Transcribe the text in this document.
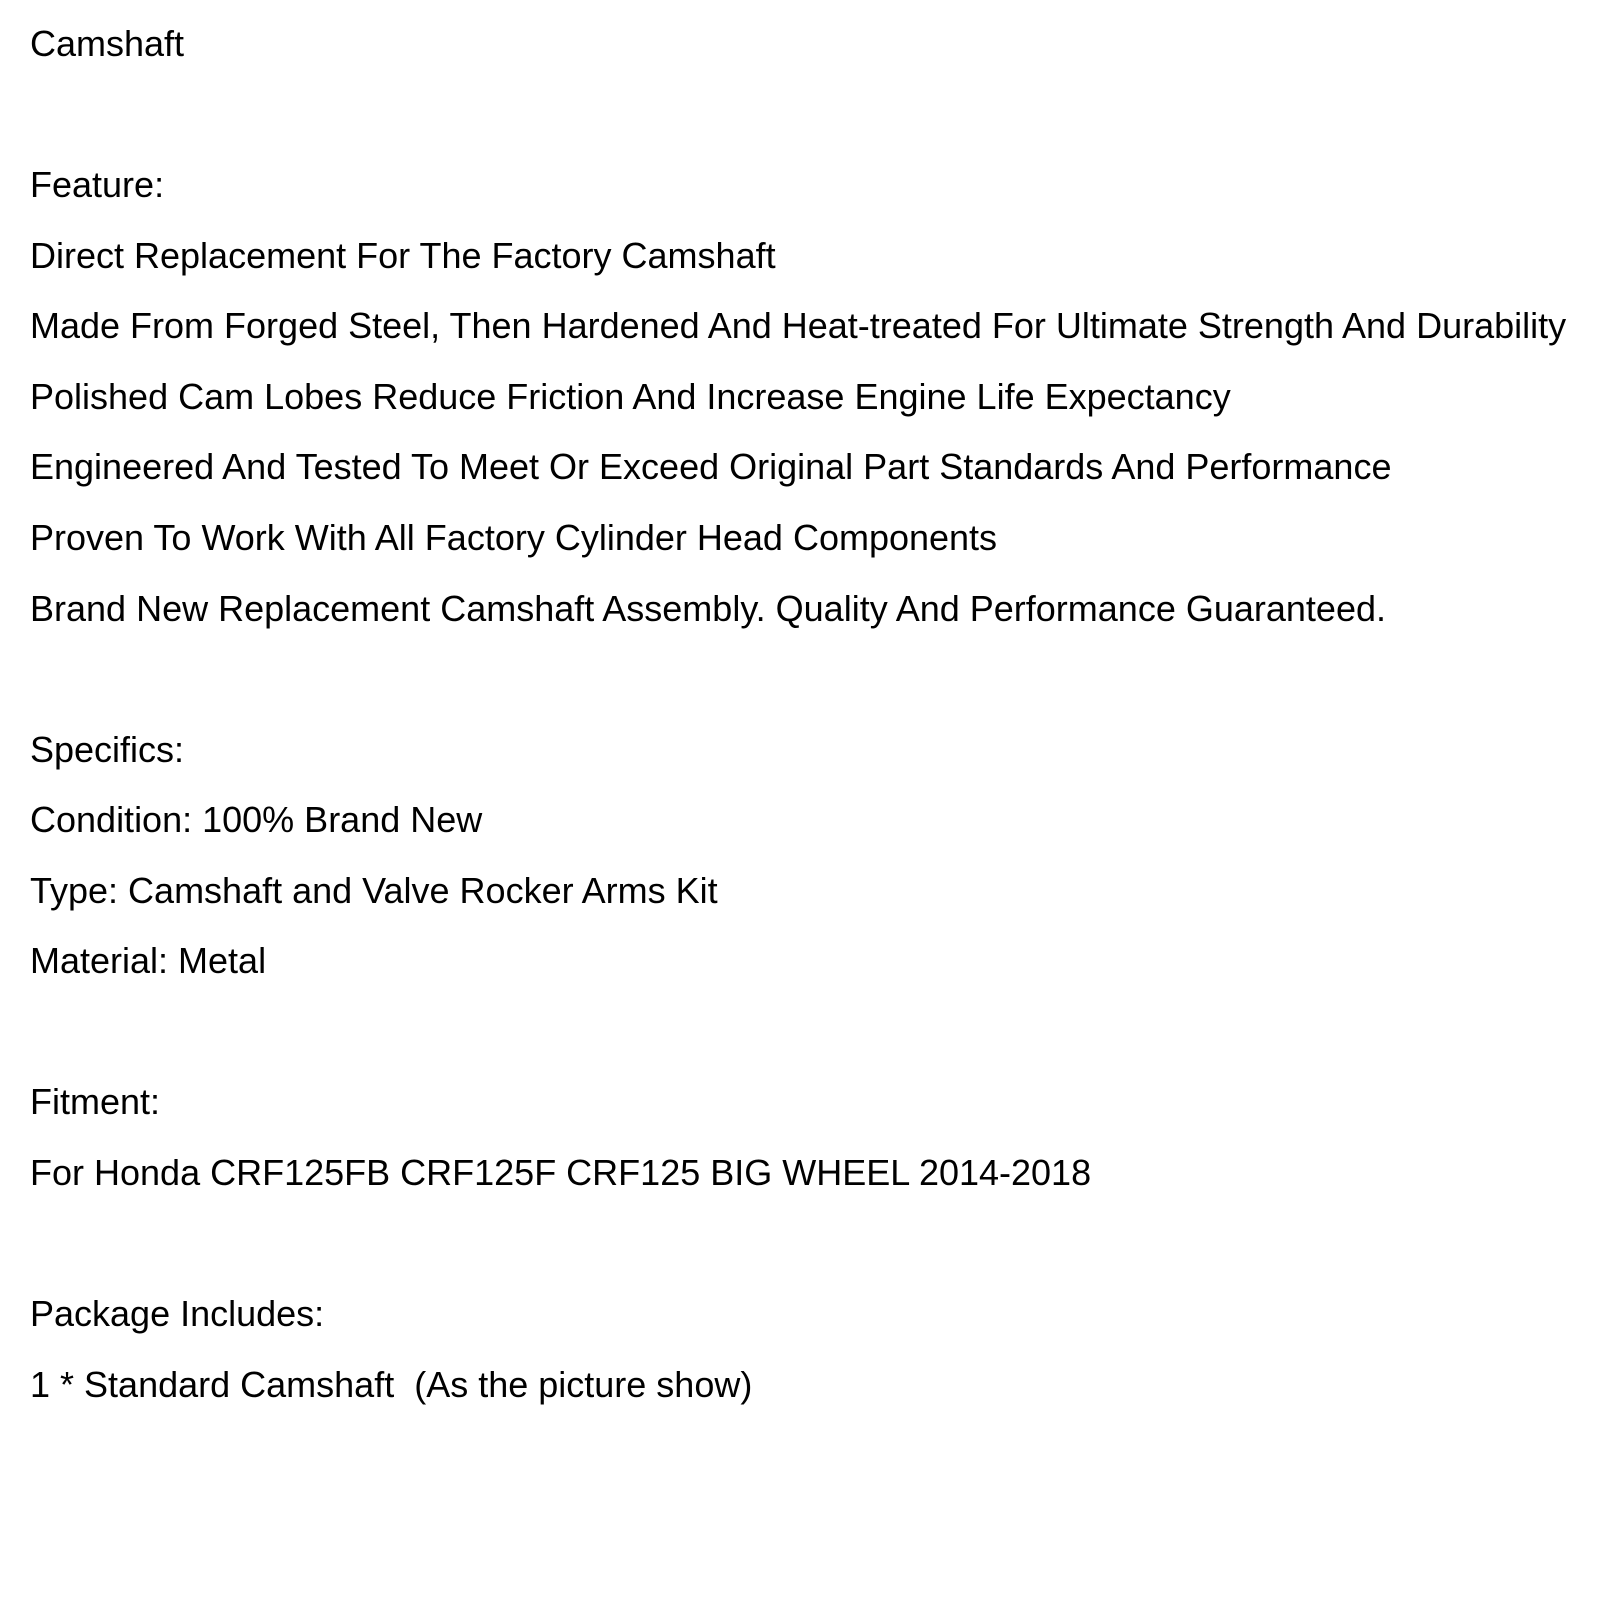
Camshaft
Feature:
Direct Replacement For The Factory Camshaft
Made From Forged Steel, Then Hardened And Heat-treated For Ultimate Strength And Durability
Polished Cam Lobes Reduce Friction And Increase Engine Life Expectancy
Engineered And Tested To Meet Or Exceed Original Part Standards And Performance
Proven To Work With All Factory Cylinder Head Components
Brand New Replacement Camshaft Assembly. Quality And Performance Guaranteed.
Specifics:
Condition: 100% Brand New
Type: Camshaft and Valve Rocker Arms Kit
Material: Metal
Fitment:
For Honda CRF125FB CRF125F CRF125 BIG WHEEL 2014-2018
Package Includes:
1 * Standard Camshaft  (As the picture show)
